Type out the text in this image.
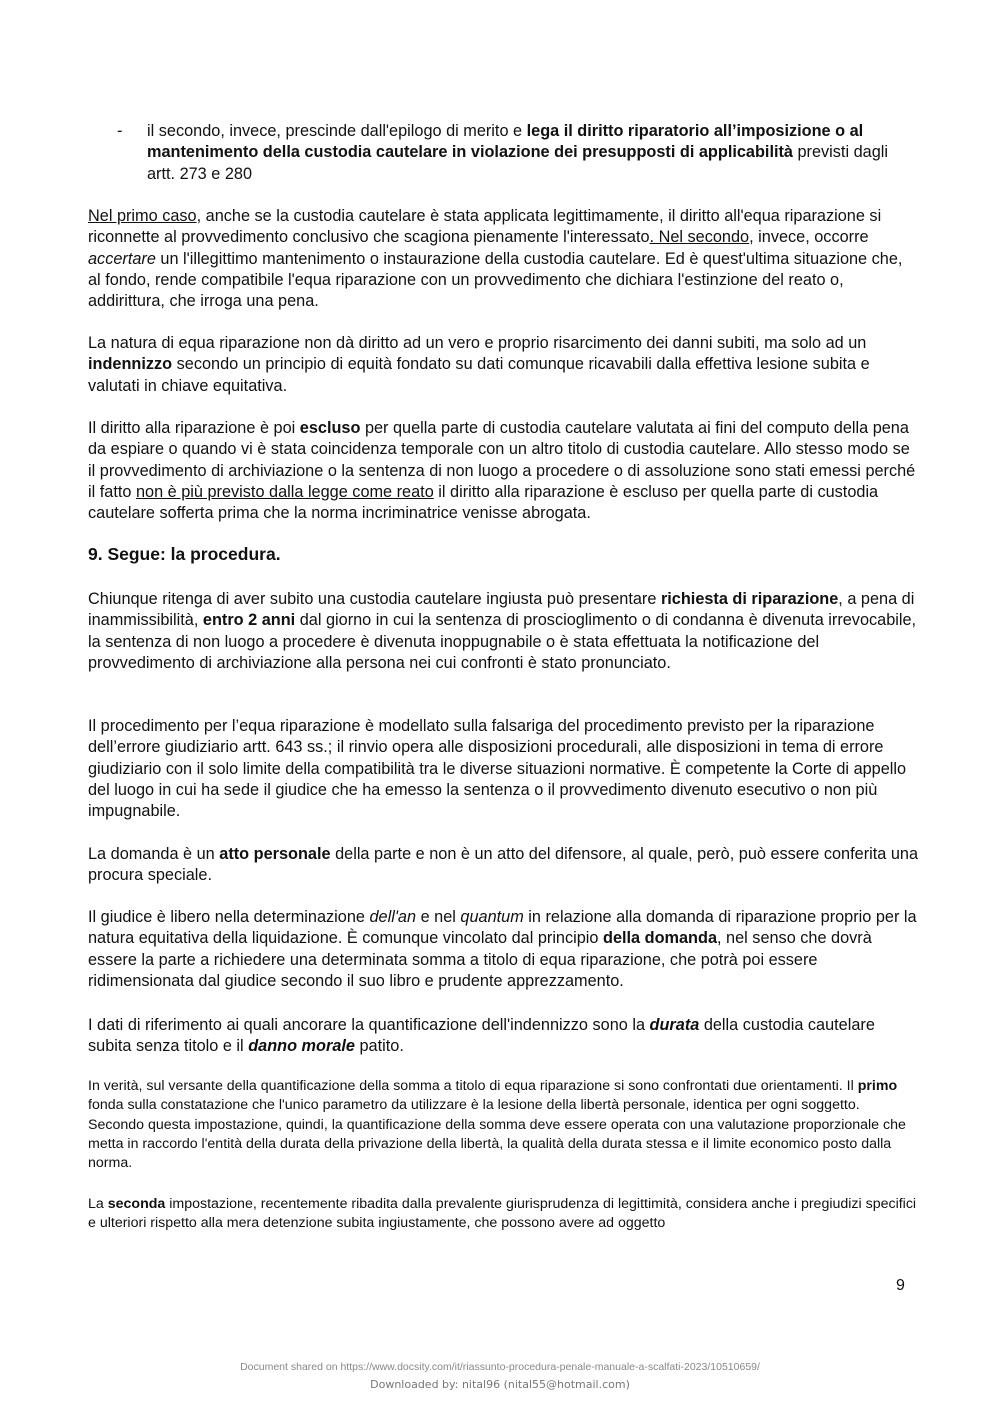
- il secondo, invece, prescinde dall'epilogo di merito e lega il diritto riparatorio all’imposizione o al mantenimento della custodia cautelare in violazione dei presupposti di applicabilità previsti dagli artt. 273 e 280

Nel primo caso, anche se la custodia cautelare è stata applicata legittimamente, il diritto all'equa riparazione si riconnette al provvedimento conclusivo che scagiona pienamente l'interessato. Nel secondo, invece, occorre accertare un l'illegittimo mantenimento o instaurazione della custodia cautelare. Ed è quest'ultima situazione che, al fondo, rende compatibile l'equa riparazione con un provvedimento che dichiara l'estinzione del reato o, addirittura, che irroga una pena.

La natura di equa riparazione non dà diritto ad un vero e proprio risarcimento dei danni subiti, ma solo ad un indennizzo secondo un principio di equità fondato su dati comunque ricavabili dalla effettiva lesione subita e valutati in chiave equitativa.

Il diritto alla riparazione è poi escluso per quella parte di custodia cautelare valutata ai fini del computo della pena da espiare o quando vi è stata coincidenza temporale con un altro titolo di custodia cautelare. Allo stesso modo se il provvedimento di archiviazione o la sentenza di non luogo a procedere o di assoluzione sono stati emessi perché il fatto non è più previsto dalla legge come reato il diritto alla riparazione è escluso per quella parte di custodia cautelare sofferta prima che la norma incriminatrice venisse abrogata.

9. Segue: la procedura.

Chiunque ritenga di aver subito una custodia cautelare ingiusta può presentare richiesta di riparazione, a pena di inammissibilità, entro 2 anni dal giorno in cui la sentenza di proscioglimento o di condanna è divenuta irrevocabile, la sentenza di non luogo a procedere è divenuta inoppugnabile o è stata effettuata la notificazione del provvedimento di archiviazione alla persona nei cui confronti è stato pronunciato.

Il procedimento per l’equa riparazione è modellato sulla falsariga del procedimento previsto per la riparazione dell’errore giudiziario artt. 643 ss.; il rinvio opera alle disposizioni procedurali, alle disposizioni in tema di errore giudiziario con il solo limite della compatibilità tra le diverse situazioni normative. È competente la Corte di appello del luogo in cui ha sede il giudice che ha emesso la sentenza o il provvedimento divenuto esecutivo o non più impugnabile.

La domanda è un atto personale della parte e non è un atto del difensore, al quale, però, può essere conferita una procura speciale.

Il giudice è libero nella determinazione dell'an e nel quantum in relazione alla domanda di riparazione proprio per la natura equitativa della liquidazione. È comunque vincolato dal principio della domanda, nel senso che dovrà essere la parte a richiedere una determinata somma a titolo di equa riparazione, che potrà poi essere ridimensionata dal giudice secondo il suo libro e prudente apprezzamento.

I dati di riferimento ai quali ancorare la quantificazione dell'indennizzo sono la durata della custodia cautelare subita senza titolo e il danno morale patito.

In verità, sul versante della quantificazione della somma a titolo di equa riparazione si sono confrontati due orientamenti. Il primo fonda sulla constatazione che l'unico parametro da utilizzare è la lesione della libertà personale, identica per ogni soggetto. Secondo questa impostazione, quindi, la quantificazione della somma deve essere operata con una valutazione proporzionale che metta in raccordo l'entità della durata della privazione della libertà, la qualità della durata stessa e il limite economico posto dalla norma.

La seconda impostazione, recentemente ribadita dalla prevalente giurisprudenza di legittimità, considera anche i pregiudizi specifici e ulteriori rispetto alla mera detenzione subita ingiustamente, che possono avere ad oggetto

9
Document shared on https://www.docsity.com/it/riassunto-procedura-penale-manuale-a-scalfati-2023/10510659/
Downloaded by: nital96 (nital55@hotmail.com)
